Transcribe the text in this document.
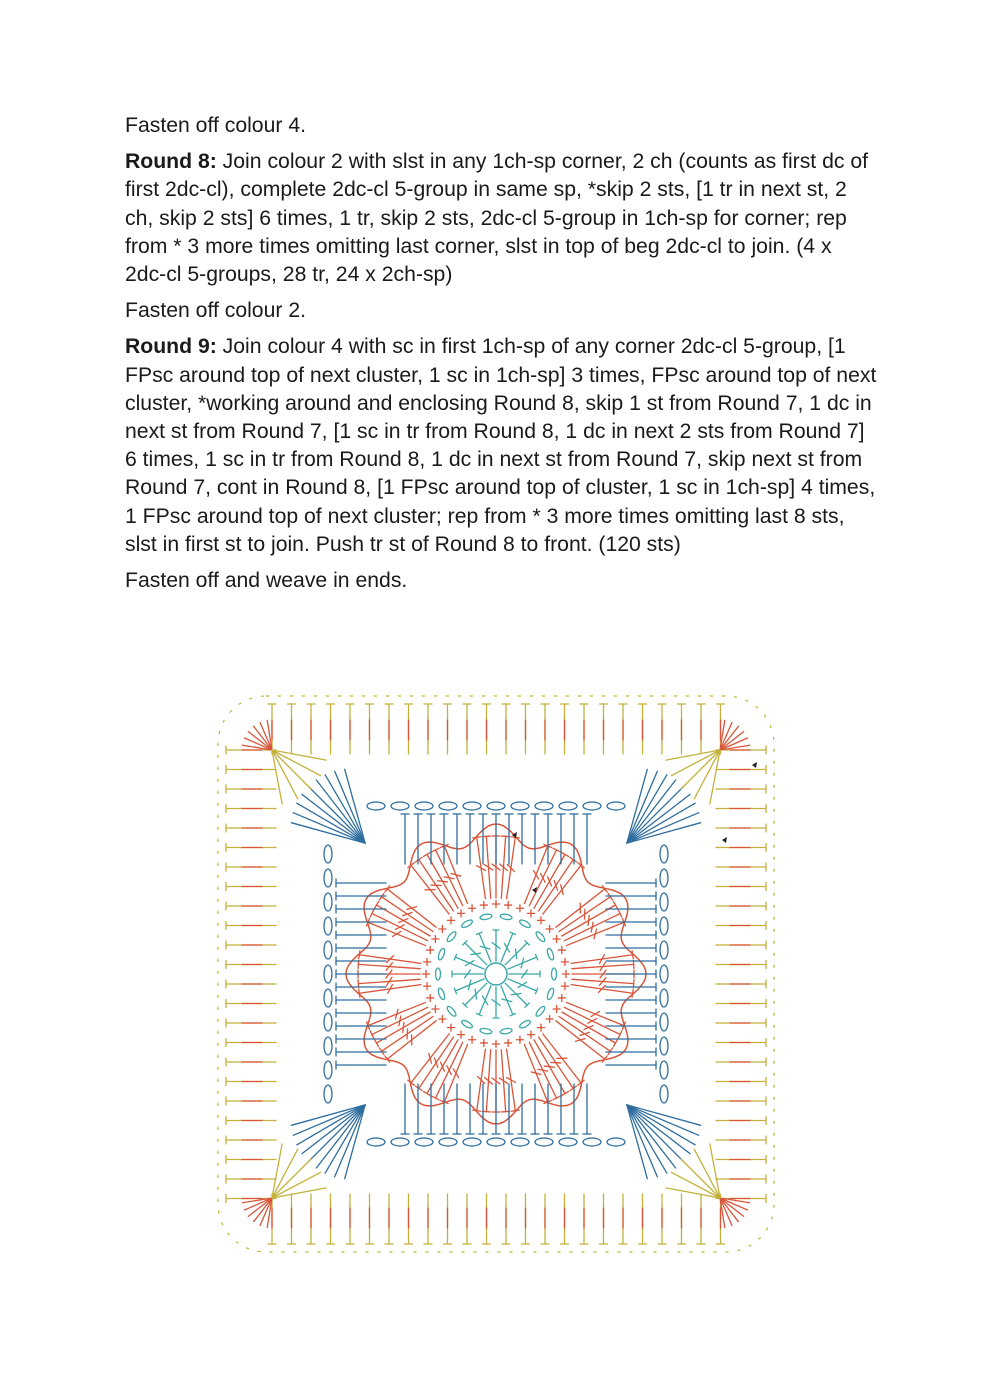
Fasten off colour 4.

Round 8: Join colour 2 with slst in any 1ch-sp corner, 2 ch (counts as first dc of first 2dc-cl), complete 2dc-cl 5-group in same sp, *skip 2 sts, [1 tr in next st, 2 ch, skip 2 sts] 6 times, 1 tr, skip 2 sts, 2dc-cl 5-group in 1ch-sp for corner; rep from * 3 more times omitting last corner, slst in top of beg 2dc-cl to join. (4 x 2dc-cl 5-groups, 28 tr, 24 x 2ch-sp)

Fasten off colour 2.

Round 9: Join colour 4 with sc in first 1ch-sp of any corner 2dc-cl 5-group, [1 FPsc around top of next cluster, 1 sc in 1ch-sp] 3 times, FPsc around top of next cluster, *working around and enclosing Round 8, skip 1 st from Round 7, 1 dc in next st from Round 7, [1 sc in tr from Round 8, 1 dc in next 2 sts from Round 7] 6 times, 1 sc in tr from Round 8, 1 dc in next st from Round 7, skip next st from Round 7, cont in Round 8, [1 FPsc around top of cluster, 1 sc in 1ch-sp] 4 times, 1 FPsc around top of next cluster; rep from * 3 more times omitting last 8 sts, slst in first st to join. Push tr st of Round 8 to front. (120 sts)

Fasten off and weave in ends.
